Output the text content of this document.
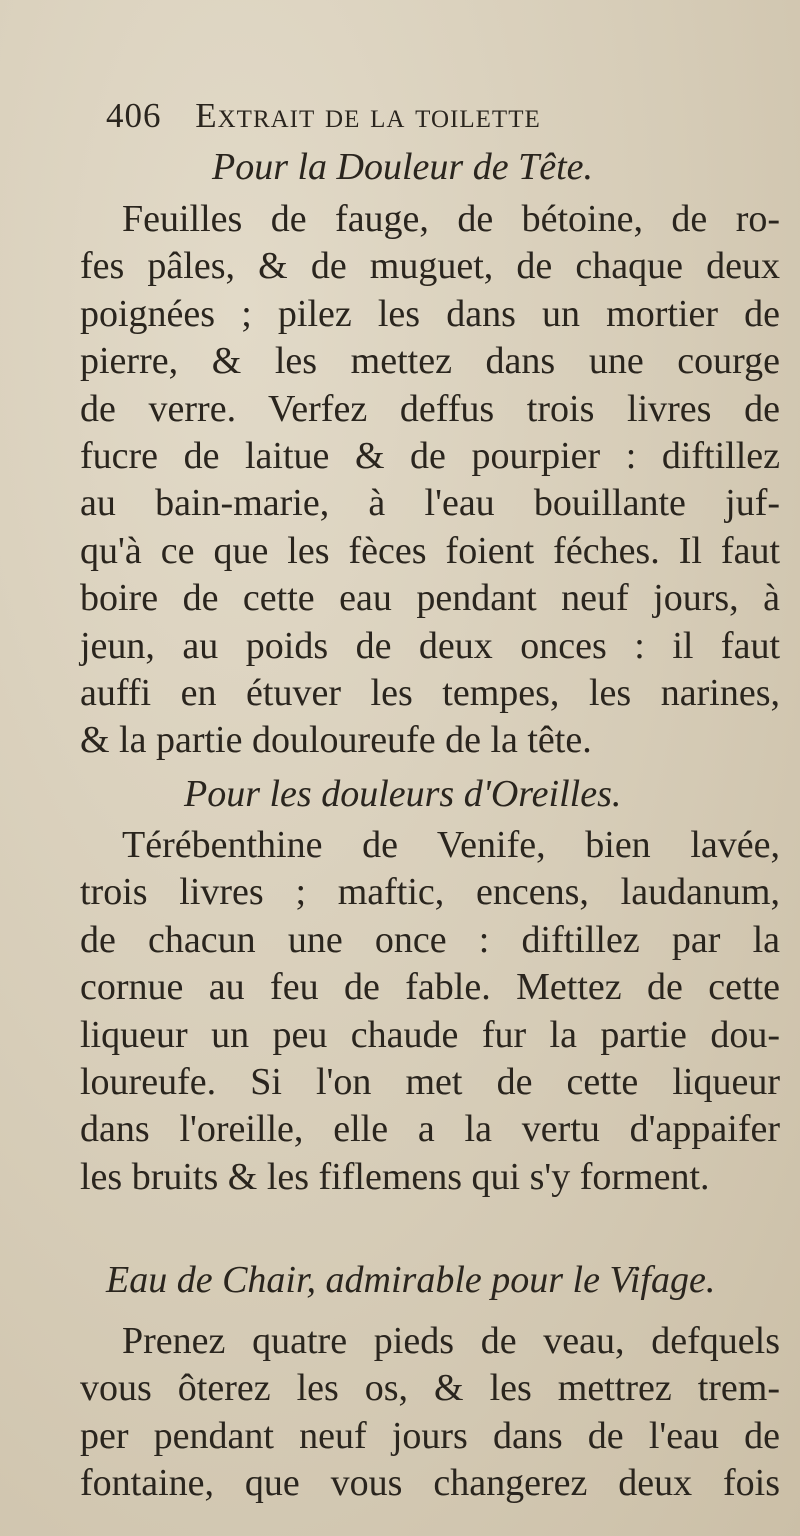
406 Extrait de la toilette

Pour la Douleur de Tête.

Feuilles de fauge, de bétoine, de ro-
fes pâles, & de muguet, de chaque deux
poignées ; pilez les dans un mortier de
pierre, & les mettez dans une courge
de verre. Verfez deffus trois livres de
fucre de laitue & de pourpier : diftillez
au bain-marie, à l'eau bouillante juf-
qu'à ce que les fèces foient féches. Il faut
boire de cette eau pendant neuf jours, à
jeun, au poids de deux onces : il faut
auffi en étuver les tempes, les narines,
& la partie douloureufe de la tête.

Pour les douleurs d'Oreilles.

Térébenthine de Venife, bien lavée,
trois livres ; maftic, encens, laudanum,
de chacun une once : diftillez par la
cornue au feu de fable. Mettez de cette
liqueur un peu chaude fur la partie dou-
loureufe. Si l'on met de cette liqueur
dans l'oreille, elle a la vertu d'appaifer
les bruits & les fiflemens qui s'y forment.

Eau de Chair, admirable pour le Vifage.

Prenez quatre pieds de veau, defquels
vous ôterez les os, & les mettrez trem-
per pendant neuf jours dans de l'eau de
fontaine, que vous changerez deux fois
